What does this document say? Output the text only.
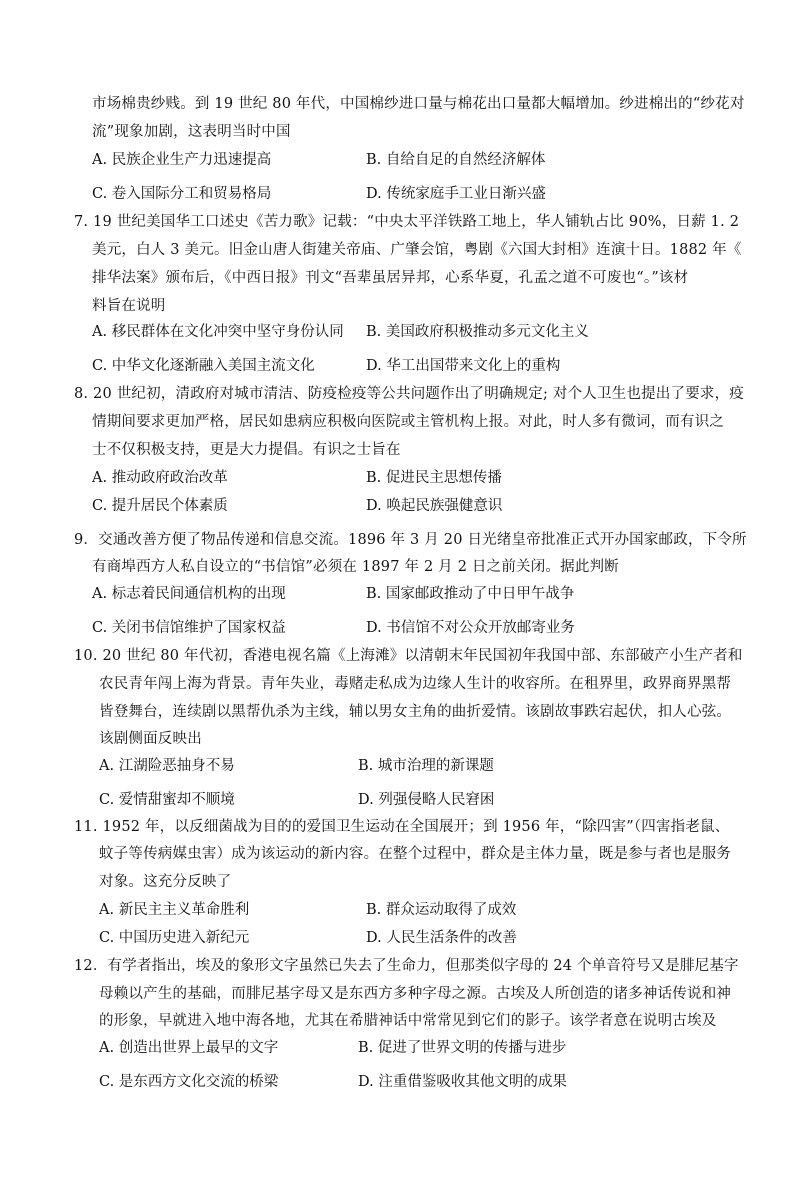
市场棉贵纱贱。到 19 世纪 80 年代，中国棉纱进口量与棉花出口量都大幅增加。纱进棉出的“纱花对
流”现象加剧，这表明当时中国
A. 民族企业生产力迅速提高	B. 自给自足的自然经济解体
C. 卷入国际分工和贸易格局	D. 传统家庭手工业日渐兴盛
7. 19 世纪美国华工口述史《苦力歌》记载：“中央太平洋铁路工地上，华人铺轨占比 90%，日薪 1. 2
美元，白人 3 美元。旧金山唐人街建关帝庙、广肇会馆，粤剧《六国大封相》连演十日。1882 年《
排华法案》颁布后，《中西日报》刊文“吾辈虽居异邦，心系华夏，孔孟之道不可废也“。”该材
料旨在说明
A. 移民群体在文化冲突中坚守身份认同 B. 美国政府积极推动多元文化主义
C. 中华文化逐渐融入美国主流文化	D. 华工出国带来文化上的重构
8. 20 世纪初，清政府对城市清洁、防疫检疫等公共问题作出了明确规定; 对个人卫生也提出了要求，疫
情期间要求更加严格，居民如患病应积极向医院或主管机构上报。对此，时人多有微词，而有识之
士不仅积极支持，更是大力提倡。有识之士旨在
A. 推动政府政治改革	B. 促进民主思想传播
C. 提升居民个体素质	D. 唤起民族强健意识
9．交通改善方便了物品传递和信息交流。1896 年 3 月 20 日光绪皇帝批准正式开办国家邮政，下令所
有商埠西方人私自设立的“书信馆”必须在 1897 年 2 月 2 日之前关闭。据此判断
A. 标志着民间通信机构的出现	B. 国家邮政推动了中日甲午战争
C. 关闭书信馆维护了国家权益	D. 书信馆不对公众开放邮寄业务
10. 20 世纪 80 年代初，香港电视名篇《上海滩》以清朝末年民国初年我国中部、东部破产小生产者和
农民青年闯上海为背景。青年失业，毒赌走私成为边缘人生计的收容所。在租界里，政界商界黑帮
皆登舞台，连续剧以黑帮仇杀为主线，辅以男女主角的曲折爱情。该剧故事跌宕起伏，扣人心弦。
该剧侧面反映出
A. 江湖险恶抽身不易	B. 城市治理的新课题
C. 爱情甜蜜却不顺境	D. 列强侵略人民窘困
11. 1952 年，以反细菌战为目的的爱国卫生运动在全国展开；到 1956 年，“除四害”（四害指老鼠、
蚊子等传病媒虫害）成为该运动的新内容。在整个过程中，群众是主体力量，既是参与者也是服务
对象。这充分反映了
A. 新民主主义革命胜利	B. 群众运动取得了成效
C. 中国历史进入新纪元	D. 人民生活条件的改善
12．有学者指出，埃及的象形文字虽然已失去了生命力，但那类似字母的 24 个单音符号又是腓尼基字
母赖以产生的基础，而腓尼基字母又是东西方多种字母之源。古埃及人所创造的诸多神话传说和神
的形象，早就进入地中海各地，尤其在希腊神话中常常见到它们的影子。该学者意在说明古埃及
A. 创造出世界上最早的文字	B. 促进了世界文明的传播与进步
C. 是东西方文化交流的桥梁	D. 注重借鉴吸收其他文明的成果
